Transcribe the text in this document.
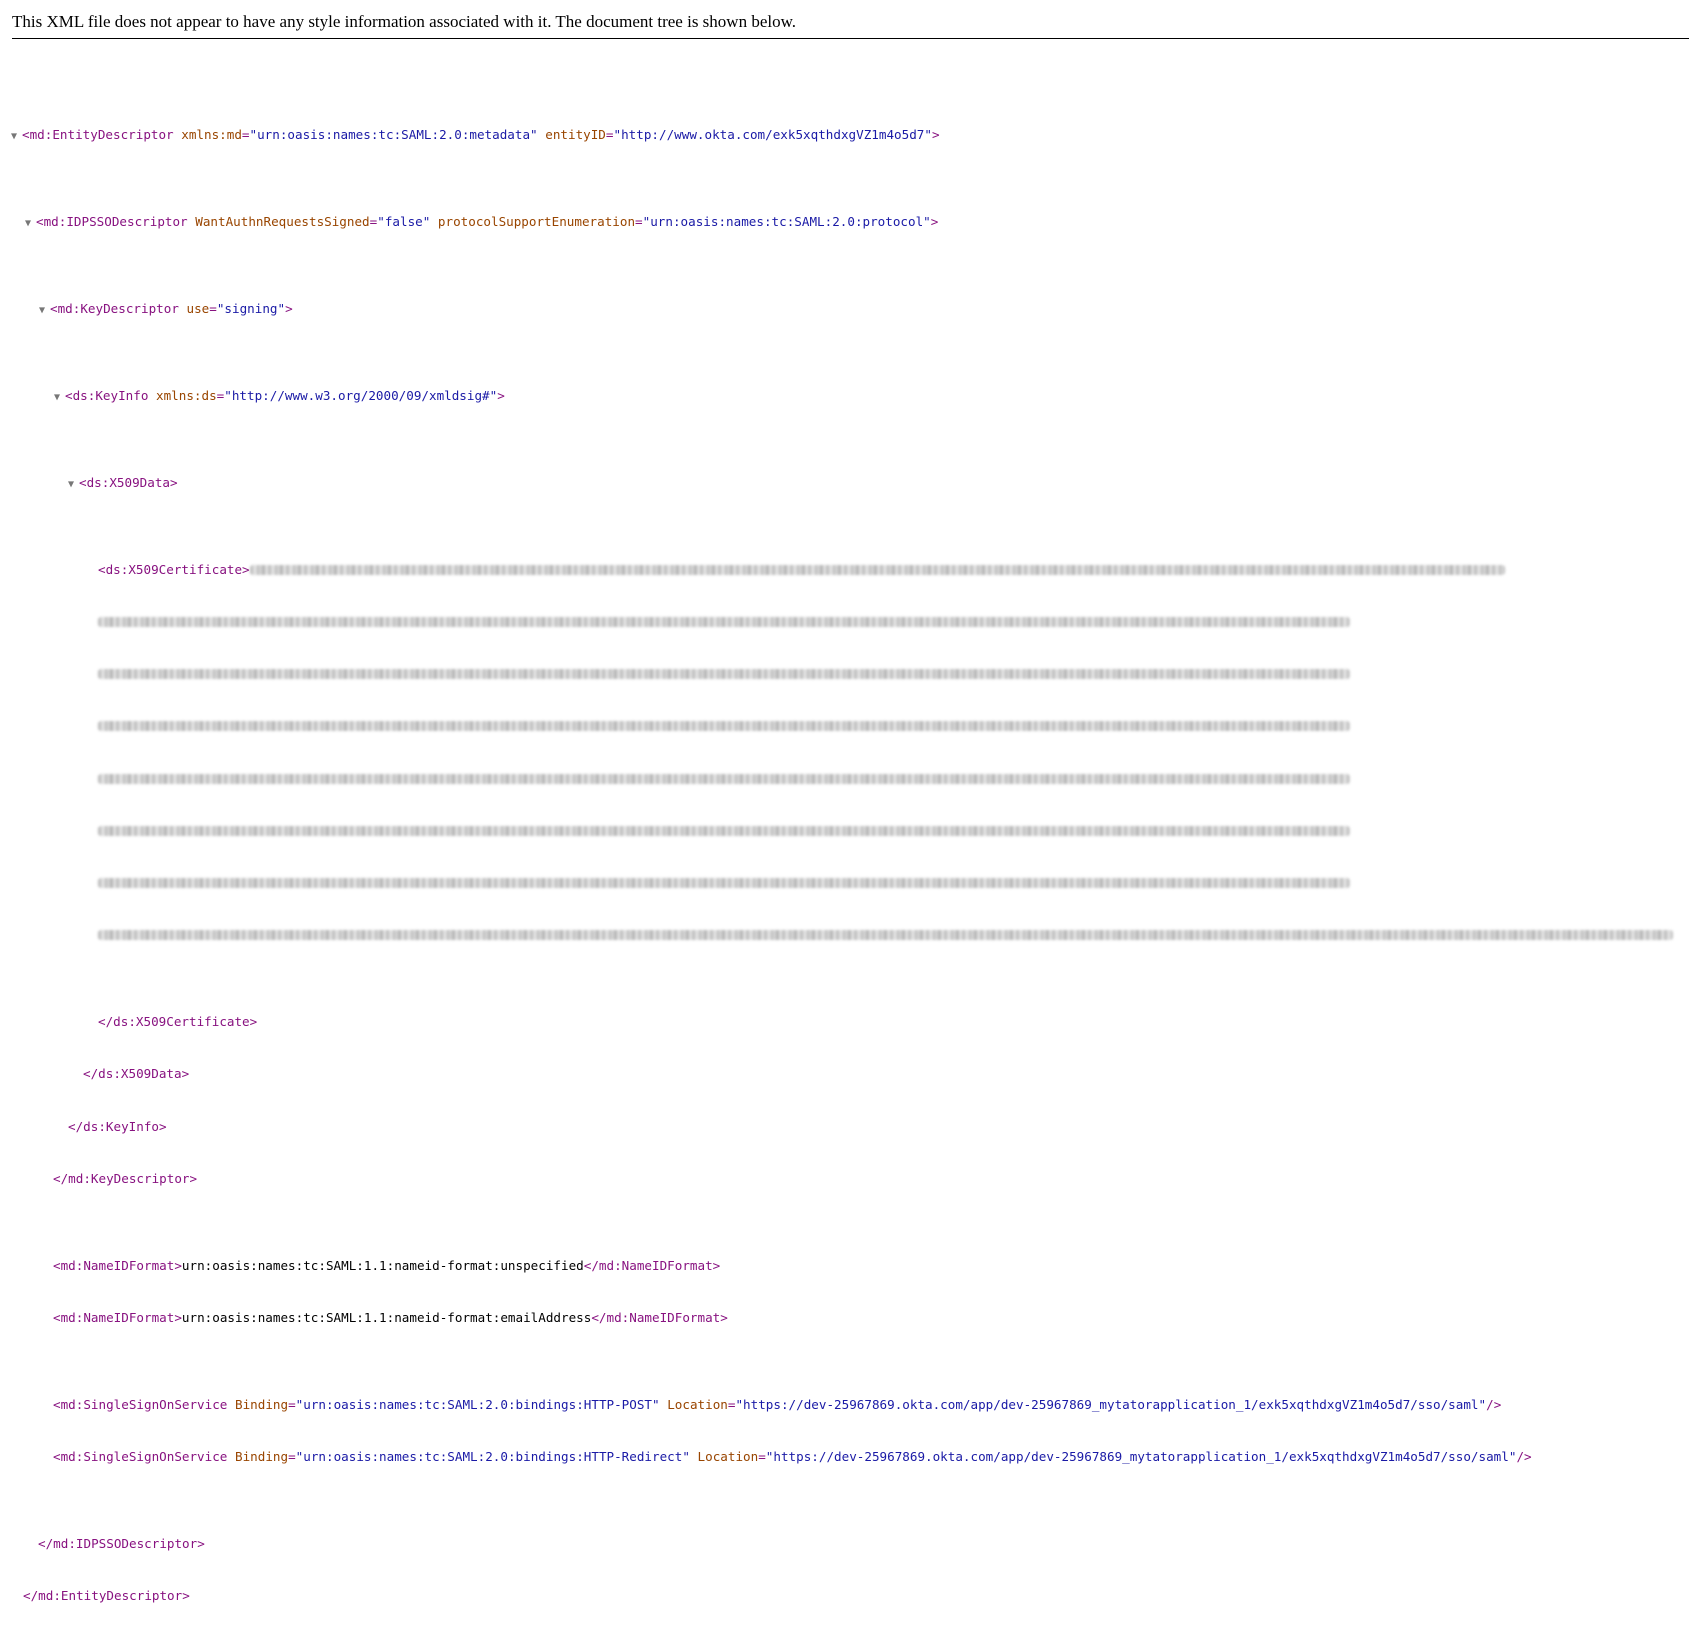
This XML file does not appear to have any style information associated with it. The document tree is shown below.

▼ <md:EntityDescriptor xmlns:md="urn:oasis:names:tc:SAML:2.0:metadata" entityID="http://www.okta.com/exk5xqthdxgVZ1m4o5d7">

▼ <md:IDPSSODescriptor WantAuthnRequestsSigned="false" protocolSupportEnumeration="urn:oasis:names:tc:SAML:2.0:protocol">

▼ <md:KeyDescriptor use="signing">

▼ <ds:KeyInfo xmlns:ds="http://www.w3.org/2000/09/xmldsig#">

▼ <ds:X509Data>

<ds:X509Certificate>

</ds:X509Certificate>

</ds:X509Data>

</ds:KeyInfo>

</md:KeyDescriptor>

<md:NameIDFormat>urn:oasis:names:tc:SAML:1.1:nameid-format:unspecified</md:NameIDFormat>

<md:NameIDFormat>urn:oasis:names:tc:SAML:1.1:nameid-format:emailAddress</md:NameIDFormat>

<md:SingleSignOnService Binding="urn:oasis:names:tc:SAML:2.0:bindings:HTTP-POST" Location="https://dev-25967869.okta.com/app/dev-25967869_mytatorapplication_1/exk5xqthdxgVZ1m4o5d7/sso/saml"/>

<md:SingleSignOnService Binding="urn:oasis:names:tc:SAML:2.0:bindings:HTTP-Redirect" Location="https://dev-25967869.okta.com/app/dev-25967869_mytatorapplication_1/exk5xqthdxgVZ1m4o5d7/sso/saml"/>

</md:IDPSSODescriptor>

</md:EntityDescriptor>
